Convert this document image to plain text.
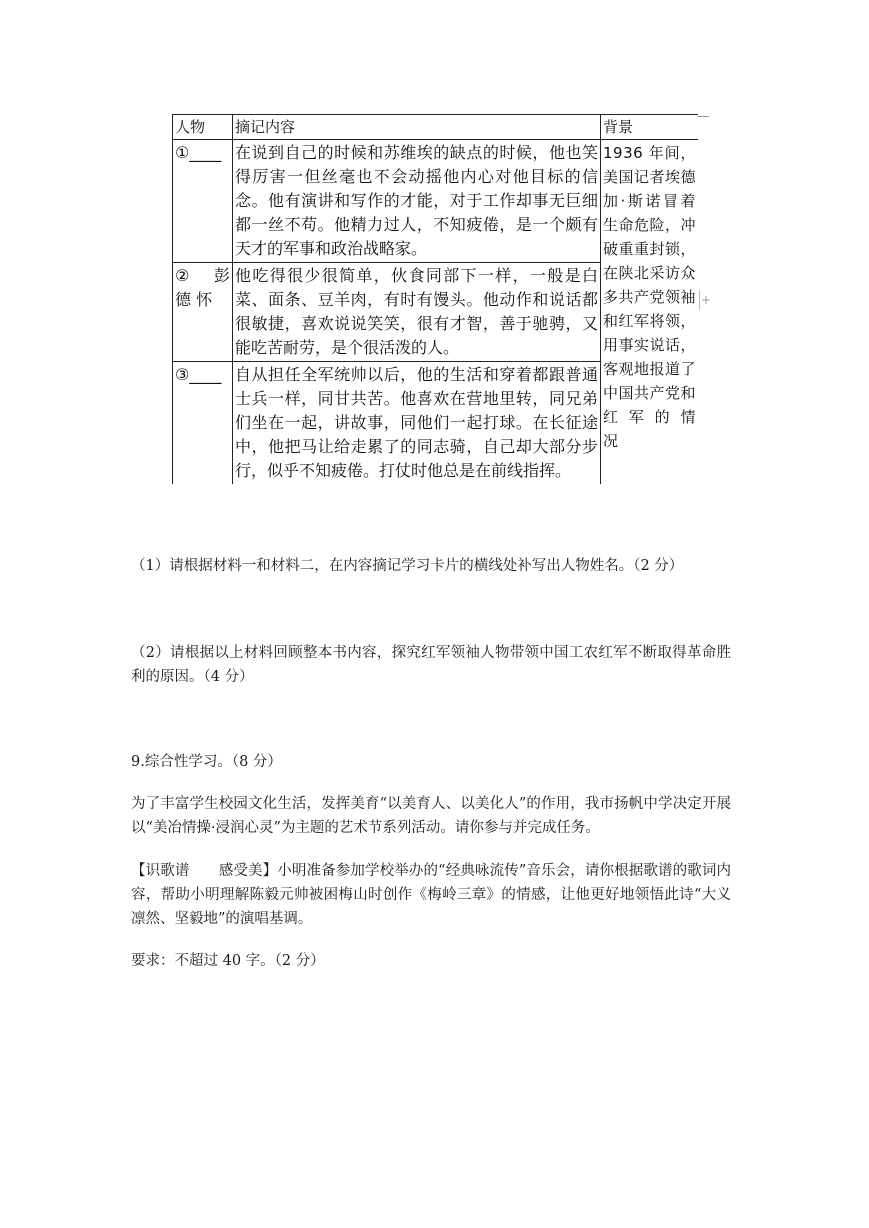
人物	摘记内容	背景
①____	在说到自己的时候和苏维埃的缺点的时候，他也笑得厉害一但丝毫也不会动摇他内心对他目标的信念。他有演讲和写作的才能，对于工作却事无巨细都一丝不苟。他精力过人，不知疲倦，是一个颇有天才的军事和政治战略家。	1936 年间，美国记者埃德加·斯诺冒着生命危险，冲破重重封锁，在陕北采访众多共产党领袖和红军将领，用事实说话，客观地报道了中国共产党和红 军 的 情况
② 彭 德 怀	他吃得很少很简单，伙食同部下一样，一般是白菜、面条、豆羊肉，有时有馒头。他动作和说话都很敏捷，喜欢说说笑笑，很有才智，善于驰骋，又能吃苦耐劳，是个很活泼的人。	
③____	自从担任全军统帅以后，他的生活和穿着都跟普通士兵一样，同甘共苦。他喜欢在营地里转，同兄弟们坐在一起，讲故事，同他们一起打球。在长征途中，他把马让给走累了的同志骑，自己却大部分步行，似乎不知疲倦。打仗时他总是在前线指挥。	
+

（1）请根据材料一和材料二，在内容摘记学习卡片的横线处补写出人物姓名。（2 分）

（2）请根据以上材料回顾整本书内容，探究红军领袖人物带领中国工农红军不断取得革命胜利的原因。（4 分）

9.综合性学习。（8 分）

为了丰富学生校园文化生活，发挥美育“以美育人、以美化人”的作用，我市扬帆中学决定开展以“美冶情操·浸润心灵”为主题的艺术节系列活动。请你参与并完成任务。

【识歌谱　　感受美】小明准备参加学校举办的“经典咏流传”音乐会，请你根据歌谱的歌词内容，帮助小明理解陈毅元帅被困梅山时创作《梅岭三章》的情感，让他更好地领悟此诗“大义凛然、坚毅地”的演唱基调。

要求：不超过 40 字。（2 分）
